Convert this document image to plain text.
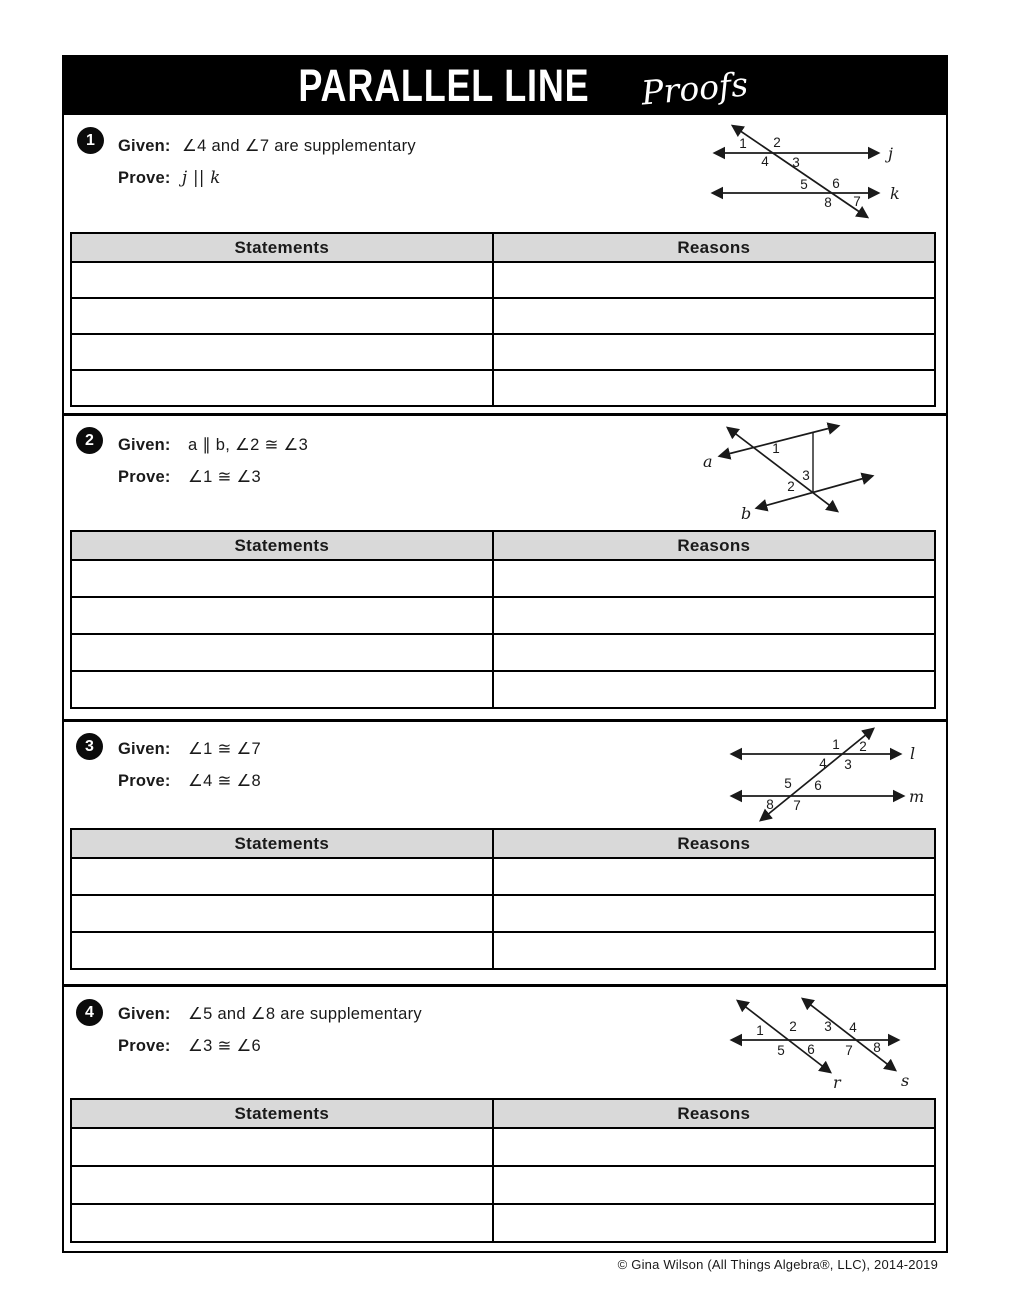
PARALLEL LINE Proofs
1	Given: ∠4 and ∠7 are supplementary
Prove: j || k
j
k
1 2
4 3
5 6
8 7
Statements	Reasons

2	Given:	a ∥ b, ∠2 ≅ ∠3
Prove:	∠1 ≅ ∠3
a
b
1
2
3
Statements	Reasons

3	Given:	∠1 ≅ ∠7
Prove:	∠4 ≅ ∠8
l
m
1 2
4 3
5 6
8 7
Statements	Reasons

4	Given:	∠5 and ∠8 are supplementary
Prove:	∠3 ≅ ∠6
r	s
1 2
5 6
3 4
7 8
Statements	Reasons

© Gina Wilson (All Things Algebra®, LLC), 2014-2019
